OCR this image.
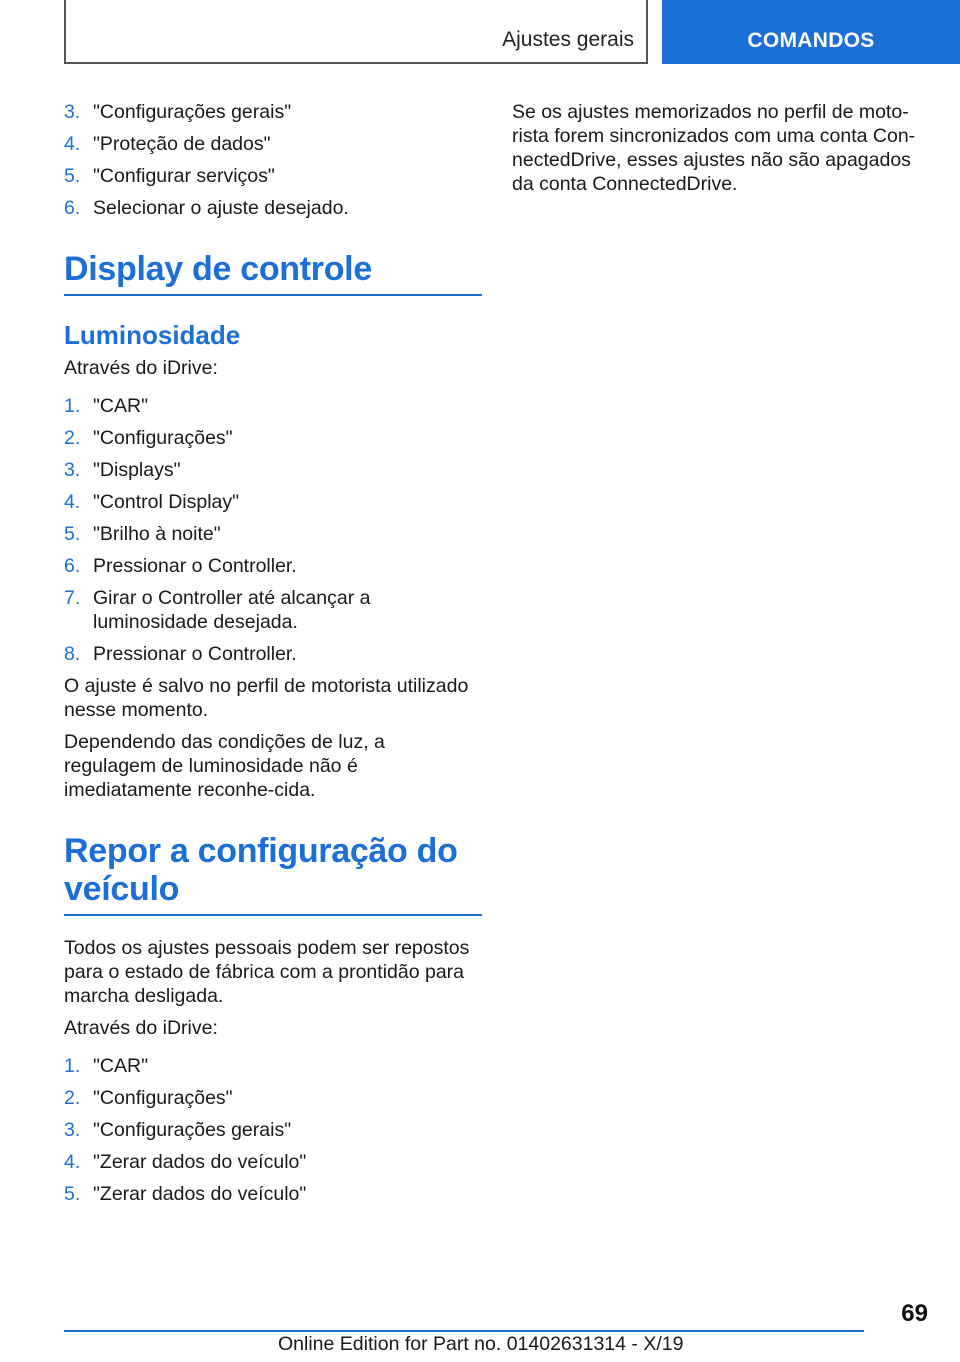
Ajustes gerais	COMANDOS
3. "Configurações gerais"
4. "Proteção de dados"
5. "Configurar serviços"
6. Selecionar o ajuste desejado.
Display de controle
Luminosidade

Através do iDrive:

1. "CAR"
2. "Configurações"
3. "Displays"
4. "Control Display"
5. "Brilho à noite"
6. Pressionar o Controller.
7. Girar o Controller até alcançar a luminosidade desejada.
8. Pressionar o Controller.

O ajuste é salvo no perfil de motorista utilizado nesse momento.

Dependendo das condições de luz, a regulagem de luminosidade não é imediatamente reconhe-cida.

Repor a configuração do veículo

Todos os ajustes pessoais podem ser repostos para o estado de fábrica com a prontidão para marcha desligada.

Através do iDrive:

1. "CAR"
2. "Configurações"
3. "Configurações gerais"
4. "Zerar dados do veículo"
5. "Zerar dados do veículo"

Se os ajustes memorizados no perfil de moto-rista forem sincronizados com uma conta Con-nectedDrive, esses ajustes não são apagados da conta ConnectedDrive.

69
Online Edition for Part no. 01402631314 - X/19
